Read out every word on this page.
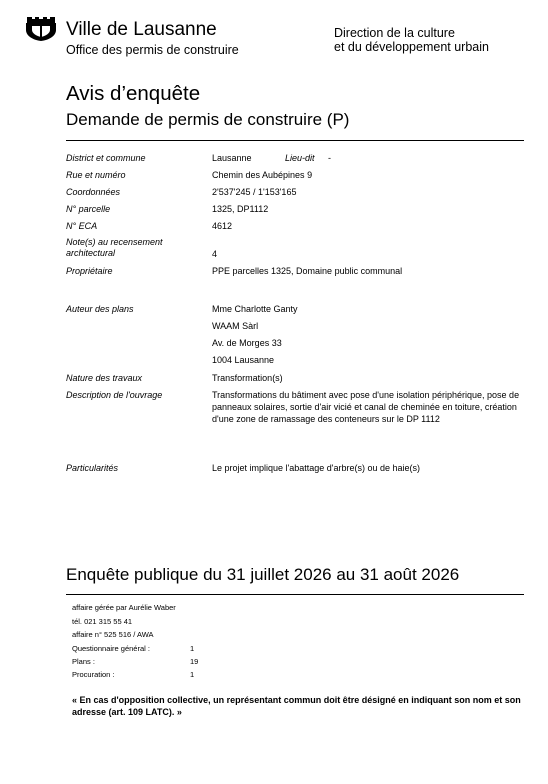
Ville de Lausanne
Office des permis de construire
Direction de la culture
et du développement urbain
Avis d’enquête
Demande de permis de construire (P)
District et commune	Lausanne	Lieu-dit -
Rue et numéro	Chemin des Aubépines 9
Coordonnées	2'537'245 / 1'153'165
N° parcelle	1325, DP1112
N° ECA	4612
Note(s) au recensement architectural	4
Propriétaire	PPE parcelles 1325, Domaine public communal
Auteur des plans	Mme Charlotte Ganty
WAAM Sàrl
Av. de Morges 33
1004 Lausanne
Nature des travaux	Transformation(s)
Description de l'ouvrage	Transformations du bâtiment avec pose d'une isolation périphérique, pose de panneaux solaires, sortie d'air vicié et canal de cheminée en toiture, création d'une zone de ramassage des conteneurs sur le DP 1112
Particularités	Le projet implique l'abattage d'arbre(s) ou de haie(s)
Enquête publique du 31 juillet 2026 au 31 août 2026
affaire gérée par Aurélie Waber
tél. 021 315 55 41
affaire n° 525 516 / AWA
Questionnaire général :	1
Plans :	19
Procuration :	1
« En cas d'opposition collective, un représentant commun doit être désigné en indiquant son nom et son adresse (art. 109 LATC). »
